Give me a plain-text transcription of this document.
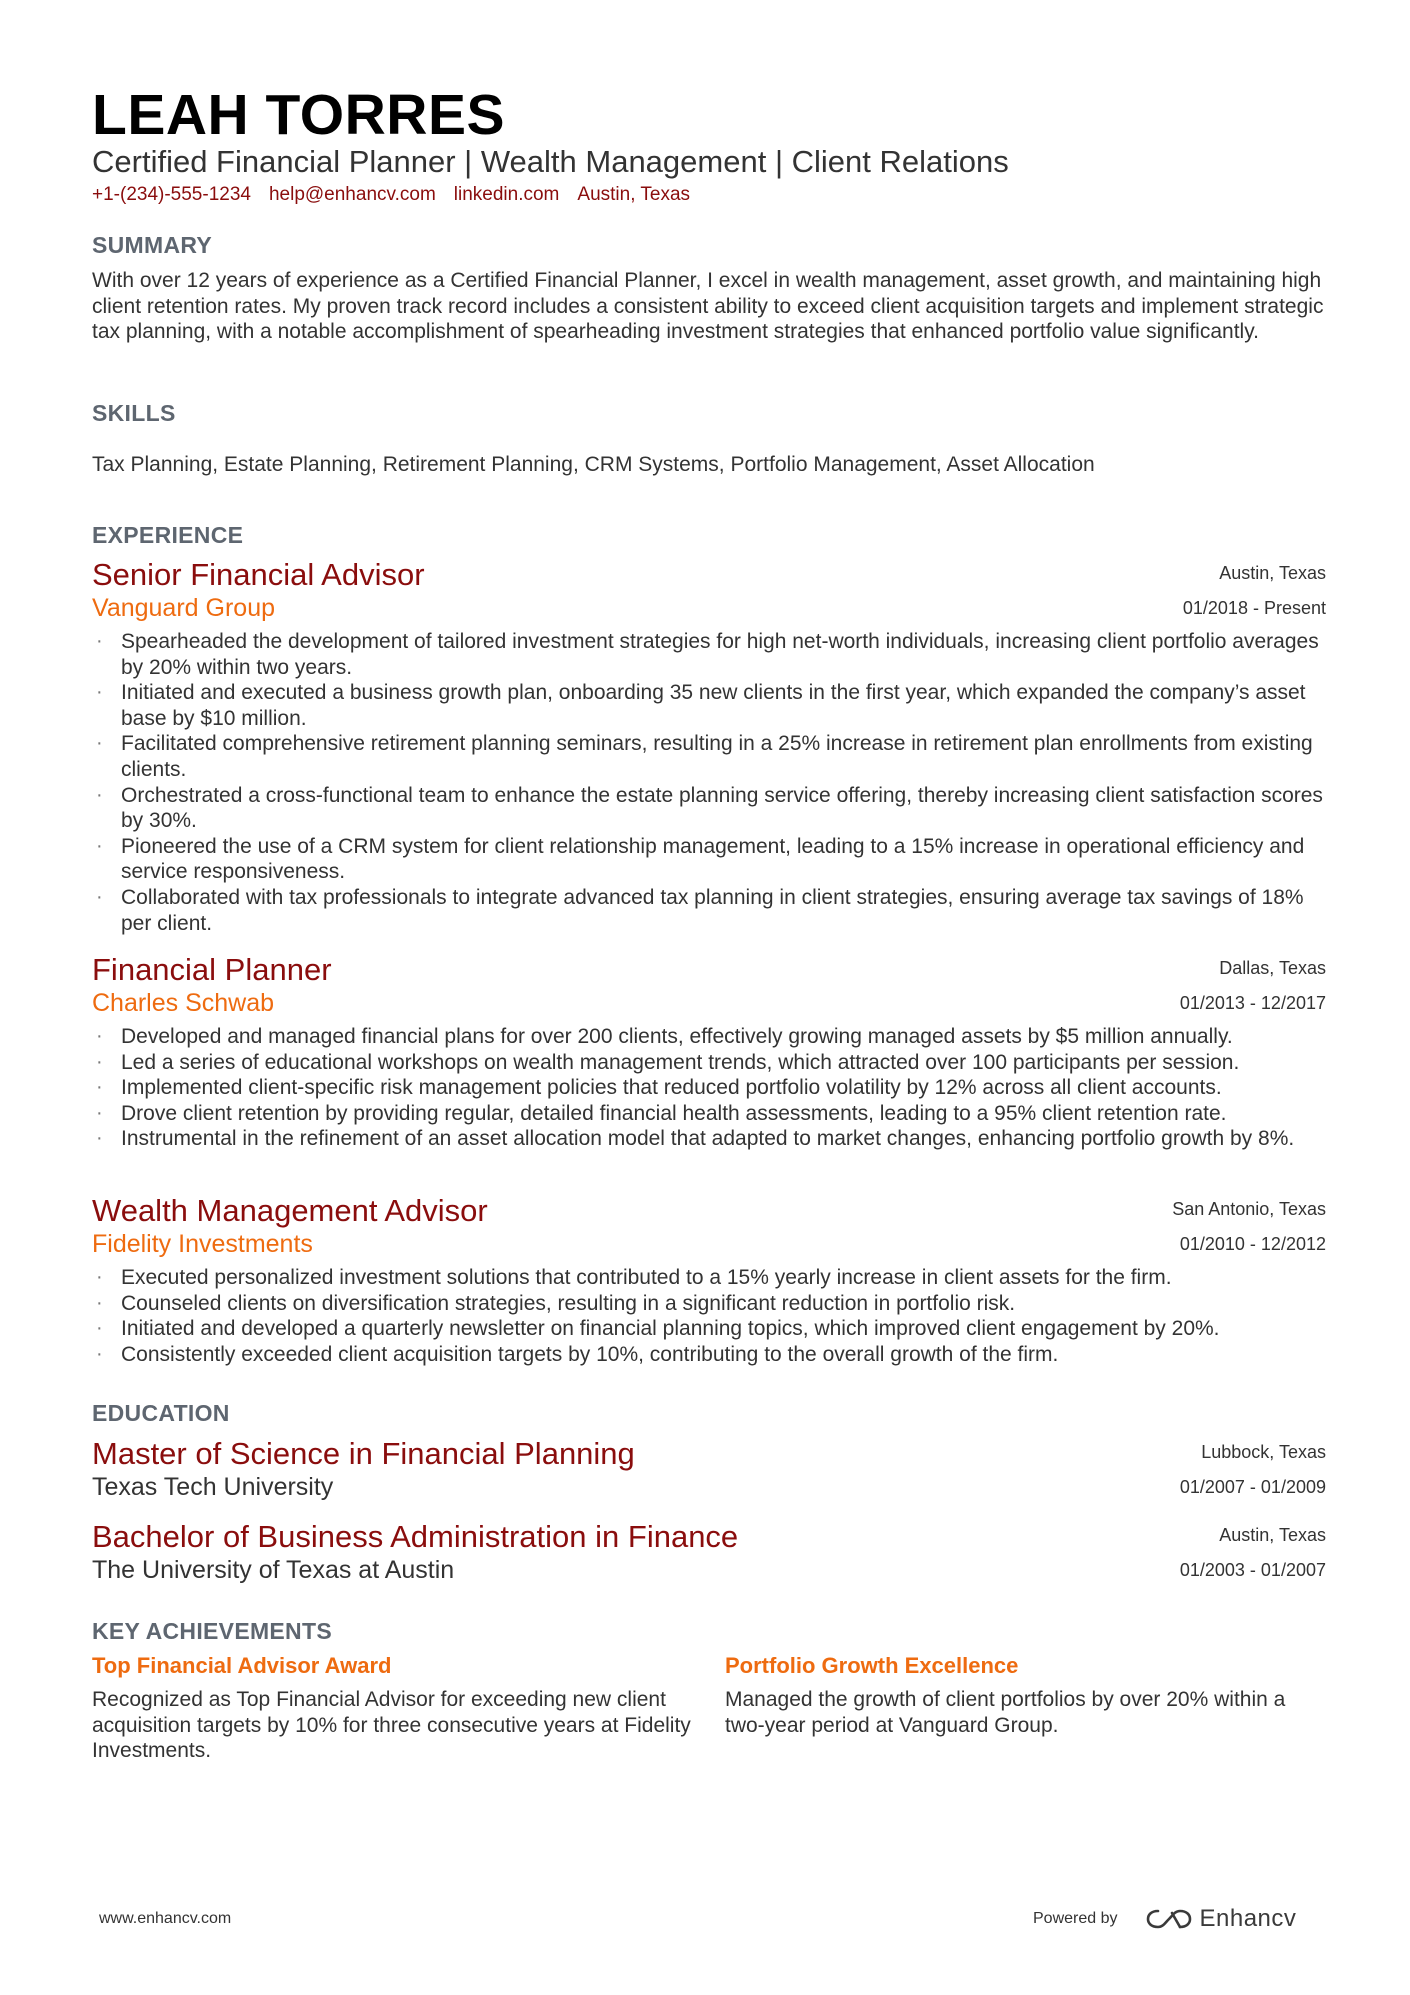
LEAH TORRES
Certified Financial Planner | Wealth Management | Client Relations
+1-(234)-555-1234 help@enhancv.com linkedin.com Austin, Texas
SUMMARY
With over 12 years of experience as a Certified Financial Planner, I excel in wealth management, asset growth, and maintaining high client retention rates. My proven track record includes a consistent ability to exceed client acquisition targets and implement strategic tax planning, with a notable accomplishment of spearheading investment strategies that enhanced portfolio value significantly.
SKILLS
Tax Planning, Estate Planning, Retirement Planning, CRM Systems, Portfolio Management, Asset Allocation
EXPERIENCE
Senior Financial Advisor
Vanguard Group
Austin, Texas
01/2018 - Present
· Spearheaded the development of tailored investment strategies for high net-worth individuals, increasing client portfolio averages by 20% within two years.
· Initiated and executed a business growth plan, onboarding 35 new clients in the first year, which expanded the company’s asset base by $10 million.
· Facilitated comprehensive retirement planning seminars, resulting in a 25% increase in retirement plan enrollments from existing clients.
· Orchestrated a cross-functional team to enhance the estate planning service offering, thereby increasing client satisfaction scores by 30%.
· Pioneered the use of a CRM system for client relationship management, leading to a 15% increase in operational efficiency and service responsiveness.
· Collaborated with tax professionals to integrate advanced tax planning in client strategies, ensuring average tax savings of 18% per client.
Financial Planner
Charles Schwab
Dallas, Texas
01/2013 - 12/2017
· Developed and managed financial plans for over 200 clients, effectively growing managed assets by $5 million annually.
· Led a series of educational workshops on wealth management trends, which attracted over 100 participants per session.
· Implemented client-specific risk management policies that reduced portfolio volatility by 12% across all client accounts.
· Drove client retention by providing regular, detailed financial health assessments, leading to a 95% client retention rate.
· Instrumental in the refinement of an asset allocation model that adapted to market changes, enhancing portfolio growth by 8%.
Wealth Management Advisor
Fidelity Investments
San Antonio, Texas
01/2010 - 12/2012
· Executed personalized investment solutions that contributed to a 15% yearly increase in client assets for the firm.
· Counseled clients on diversification strategies, resulting in a significant reduction in portfolio risk.
· Initiated and developed a quarterly newsletter on financial planning topics, which improved client engagement by 20%.
· Consistently exceeded client acquisition targets by 10%, contributing to the overall growth of the firm.
EDUCATION
Master of Science in Financial Planning
Texas Tech University
Lubbock, Texas
01/2007 - 01/2009
Bachelor of Business Administration in Finance
The University of Texas at Austin
Austin, Texas
01/2003 - 01/2007
KEY ACHIEVEMENTS
Top Financial Advisor Award
Recognized as Top Financial Advisor for exceeding new client acquisition targets by 10% for three consecutive years at Fidelity Investments.
Portfolio Growth Excellence
Managed the growth of client portfolios by over 20% within a two-year period at Vanguard Group.
www.enhancv.com	Powered by	Enhancv
